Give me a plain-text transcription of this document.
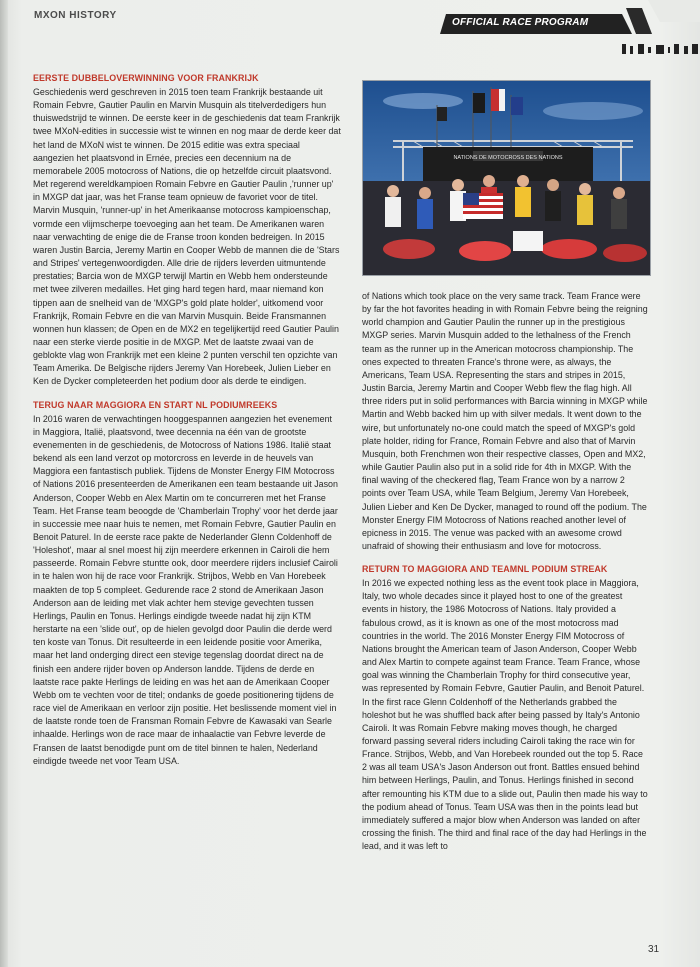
MXON HISTORY
OFFICIAL RACE PROGRAM
EERSTE DUBBELOVERWINNING VOOR FRANKRIJK

Geschiedenis werd geschreven in 2015 toen team Frankrijk bestaande uit Romain Febvre, Gautier Paulin en Marvin Musquin als titelverdedigers hun thuiswedstrijd te winnen. De eerste keer in de geschiedenis dat team Frankrijk twee MXoN-edities in successie wist te winnen en nog maar de derde keer dat het land de MXoN wist te winnen. De 2015 editie was extra speciaal aangezien het plaatsvond in Ernée, precies een decennium na de memorabele 2005 motocross of Nations, die op hetzelfde circuit plaatsvond. Met regerend wereldkampioen Romain Febvre en Gautier Paulin ,'runner up' in MXGP dat jaar, was het Franse team opnieuw de favoriet voor de titel. Marvin Musquin, 'runner-up' in het Amerikaanse motocross kampioenschap, vormde een vlijmscherpe toevoeging aan het team. De Amerikanen waren naar verwachting de enige die de Franse troon konden bedreigen. In 2015 waren Justin Barcia, Jeremy Martin en Cooper Webb de mannen die de 'Stars and Stripes' vertegenwoordigden. Alle drie de rijders leverden uitmuntende prestaties; Barcia won de MXGP terwijl Martin en Webb hem ondersteunde met twee zilveren medailles. Het ging hard tegen hard, maar niemand kon tippen aan de snelheid van de 'MXGP's gold plate holder', uitkomend voor Frankrijk, Romain Febvre en die van Marvin Musquin. Beide Fransmannen wonnen hun klassen; de Open en de MX2 en tegelijkertijd reed Gautier Paulin naar een sterke vierde positie in de MXGP. Met de laatste zwaai van de geblokte vlag won Frankrijk met een kleine 2 punten verschil ten opzichte van Team Amerika. De Belgische rijders Jeremy Van Horebeek, Julien Lieber en Ken de Dycker completeerden het podium door als derde te eindigen.

TERUG NAAR MAGGIORA EN START NL PODIUMREEKS

In 2016 waren de verwachtingen hooggespannen aangezien het evenement in Maggiora, Italië, plaatsvond, twee decennia na één van de grootste evenementen in de geschiedenis, de Motocross of Nations 1986. Italië staat bekend als een land verzot op motorcross en leverde in de heuvels van Maggiora een fantastisch publiek. Tijdens de Monster Energy FIM Motocross of Nations 2016 presenteerden de Amerikanen een team bestaande uit Jason Anderson, Cooper Webb en Alex Martin om te concurreren met het Franse Team. Het Franse team beoogde de 'Chamberlain Trophy' voor het derde jaar in successie mee naar huis te nemen, met Romain Febvre, Gautier Paulin en Benoit Paturel. In de eerste race pakte de Nederlander Glenn Coldenhoff de 'Holeshot', maar al snel moest hij zijn meerdere erkennen in Cairoli die hem passeerde. Romain Febvre stuntte ook, door meerdere rijders inclusief Cairoli in te halen won hij de race voor Frankrijk. Strijbos, Webb en Van Horebeek maakten de top 5 compleet. Gedurende race 2 stond de Amerikaan Jason Anderson aan de leiding met vlak achter hem stevige gevechten tussen Herlings, Paulin en Tonus. Herlings eindigde tweede nadat hij zijn KTM herstarte na een 'slide out', op de hielen gevolgd door Paulin die derde werd ten koste van Tonus. Dit resulteerde in een leidende positie voor Amerika, maar het land onderging direct een stevige tegenslag doordat direct na de finish een andere rijder boven op Anderson landde. Tijdens de derde en laatste race pakte Herlings de leiding en was het aan de Amerikaan Cooper Webb om te vechten voor de titel; ondanks de goede positionering tijdens de race viel de Amerikaan en verloor zijn positie. Het beslissende moment viel in de laatste ronde toen de Fransman Romain Febvre de Kawasaki van Searle inhaalde. Herlings won de race maar de inhaalactie van Febvre leverde de Fransen de laatst benodigde punt om de titel binnen te halen, Nederland eindigde tweede net voor Team USA.

NATIONS DE MOTOCROSS DES NATIONS

of Nations which took place on the very same track. Team France were by far the hot favorites heading in with Romain Febvre being the reigning world champion and Gautier Paulin the runner up in the prestigious MXGP series. Marvin Musquin added to the lethalness of the French team as the runner up in the American motocross championship. The ones expected to threaten France's throne were, as always, the Americans, Team USA. Representing the stars and stripes in 2015, Justin Barcia, Jeremy Martin and Cooper Webb flew the flag high. All three riders put in solid performances with Barcia winning in MXGP while Martin and Webb backed him up with silver medals. It went down to the wire, but unfortunately no-one could match the speed of MXGP's gold plate holder, riding for France, Romain Febvre and also that of Marvin Musquin, both Frenchmen won their respective classes, Open and MX2, while Gautier Paulin also put in a solid ride for 4th in MXGP. With the final waving of the checkered flag, Team France won by a narrow 2 points over Team USA, while Team Belgium, Jeremy Van Horebeek, Julien Lieber and Ken De Dycker, managed to round off the podium. The Monster Energy FIM Motocross of Nations reached another level of epicness in 2015. The venue was packed with an awesome crowd unafraid of showing their enthusiasm and love for motocross.

RETURN TO MAGGIORA AND TEAMNL PODIUM STREAK

In 2016 we expected nothing less as the event took place in Maggiora, Italy, two whole decades since it played host to one of the greatest events in history, the 1986 Motocross of Nations. Italy provided a fabulous crowd, as it is known as one of the most motocross mad countries in the world. The 2016 Monster Energy FIM Motocross of Nations brought the American team of Jason Anderson, Cooper Webb and Alex Martin to compete against team France. Team France, whose goal was winning the Chamberlain Trophy for third consecutive year, was represented by Romain Febvre, Gautier Paulin, and Benoit Paturel. In the first race Glenn Coldenhoff of the Netherlands grabbed the holeshot but he was shuffled back after being passed by Italy's Antonio Cairoli. It was Romain Febvre making moves though, he charged forward passing several riders including Cairoli taking the race win for France. Strijbos, Webb, and Van Horebeek rounded out the top 5. Race 2 was all team USA's Jason Anderson out front. Battles ensued behind him between Herlings, Paulin, and Tonus. Herlings finished in second after remounting his KTM due to a slide out, Paulin then made his way to the podium ahead of Tonus. Team USA was then in the points lead but immediately suffered a major blow when Anderson was landed on after crossing the finish. The third and final race of the day had Herlings in the lead, and it was left to

31
